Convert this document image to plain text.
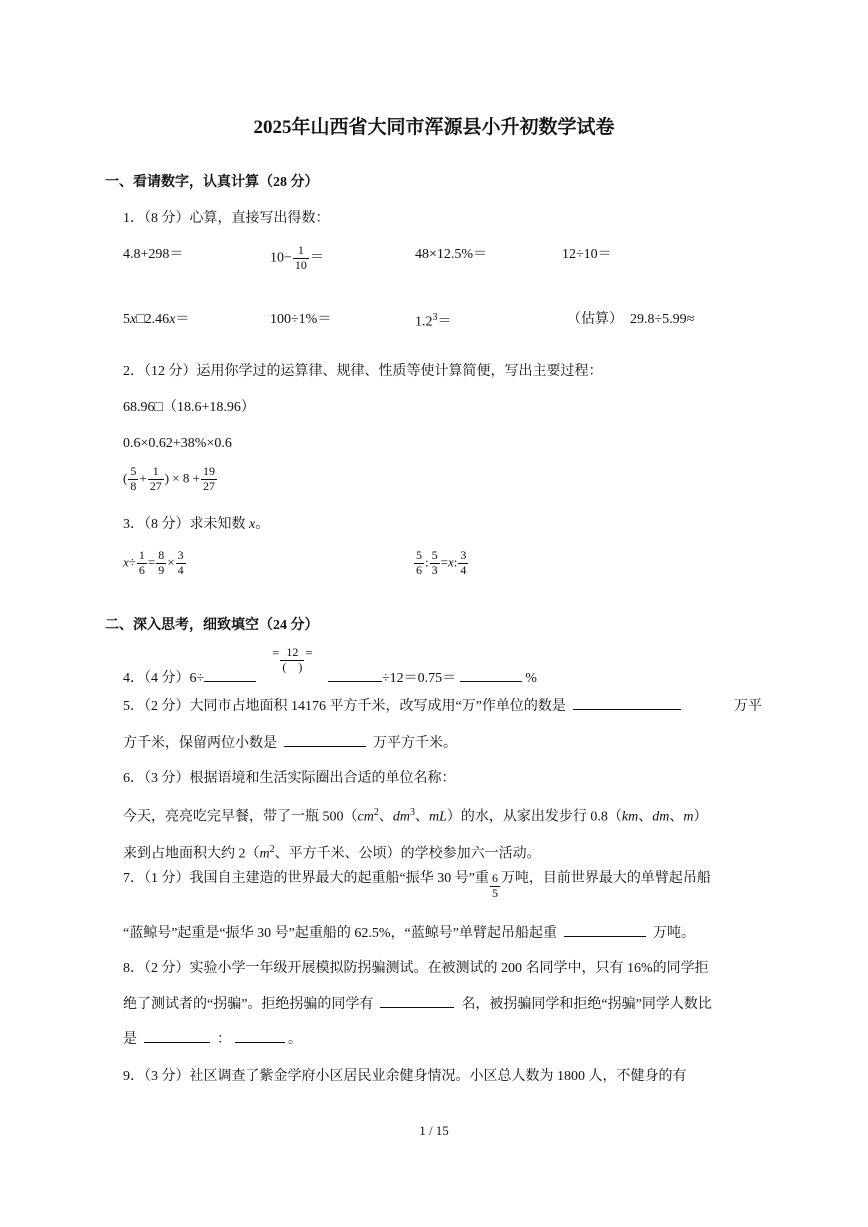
2025年山西省大同市浑源县小升初数学试卷
一、看请数字，认真计算（28 分）
1．（8 分）心算，直接写出得数：
4.8+298＝	$10- \frac{1}{10}$ ＝	48×12.5%＝	12÷10＝
5x□2.46x＝	100÷1%＝	$1.2^3=$	（估算） 29.8÷5.99≈
2．（12 分）运用你学过的运算律、规律、性质等使计算简便，写出主要过程：
68.96□（18.6+18.96）
0.6×0.62+38%×0.6
( $\frac{5}{8} + \frac{1}{27}$ ) × $8 + \frac{19}{27}$
3．（8 分）求未知数 x。
$x\div \frac{1}{6} = \frac{8}{9} \times \frac{3}{4}$	$\frac{5}{6}$ : $\frac{5}{3} =x$: $\frac{3}{4}$
二、深入思考，细致填空（24 分）
4．（4 分）6÷
= $\frac{12}{( )}$ =
÷12＝0.75＝	%
5．（2 分）大同市占地面积 14176 平方千米，改写成用“万”作单位的数是	万平
方千米，保留两位小数是	万平方千米。
6．（3 分）根据语境和生活实际圈出合适的单位名称：
今天，亮亮吃完早餐，带了一瓶 $500(cm^2$、$dm^3$、mL）的水，从家出发步行 0.8（km、dm、m）
来到占地面积大约 $2(m^2$、平方千米、公顷）的学校参加六一活动。
7．（1 分）我国自主建造的世界最大的起重船“振华 30 号”重 $\frac{6}{5}$ 万吨，目前世界最大的单臂起吊船
“蓝鲸号”起重是“振华 30 号”起重船的 62.5%，“蓝鲸号”单臂起吊船起重	万吨。
8．（2 分）实验小学一年级开展模拟防拐骗测试。在被测试的 200 名同学中，只有 16%的同学拒
绝了测试者的“拐骗”。拒绝拐骗的同学有	名，被拐骗同学和拒绝“拐骗”同学人数比
是	：	。
9．（3 分）社区调查了紫金学府小区居民业余健身情况。小区总人数为 1800 人，不健身的有
1 / 15
